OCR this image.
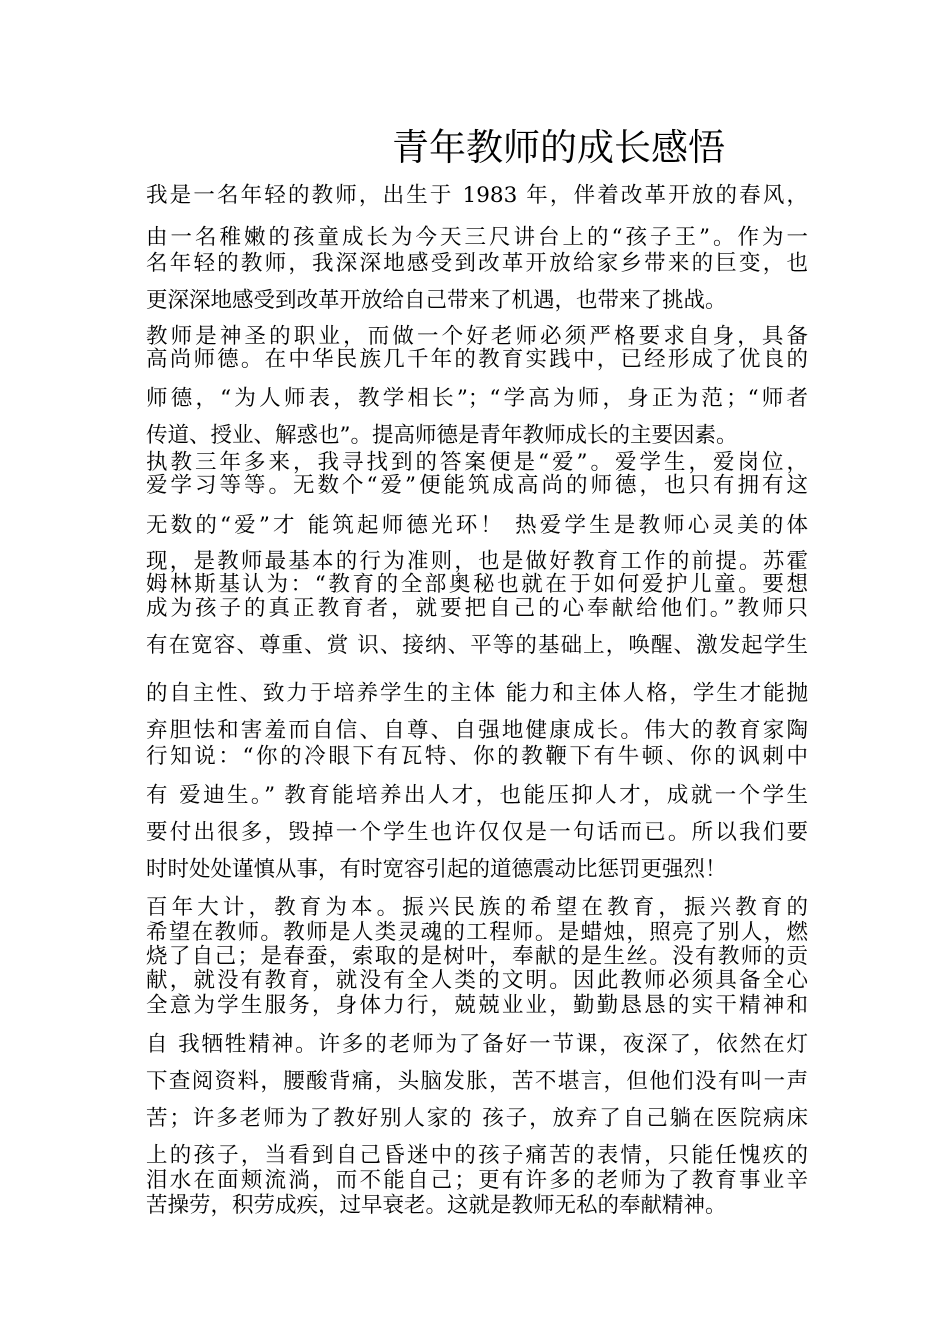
青年教师的成长感悟
我是一名年轻的教师，出生于 1983 年，伴着改革开放的春风，
由一名稚嫩的孩童成长为今天三尺讲台上的“孩子王”。作为一
名年轻的教师，我深深地感受到改革开放给家乡带来的巨变，也
更深深地感受到改革开放给自己带来了机遇，也带来了挑战。
教师是神圣的职业，而做一个好老师必须严格要求自身，具备
高尚师德。在中华民族几千年的教育实践中，已经形成了优良的
师德，“为人师表，教学相长”；“学高为师，身正为范；“师者
传道、授业、解惑也”。提高师德是青年教师成长的主要因素。
执教三年多来，我寻找到的答案便是“爱”。爱学生，爱岗位，
爱学习等等。无数个“爱”便能筑成高尚的师德，也只有拥有这
无数的“爱”才 能筑起师德光环！ 热爱学生是教师心灵美的体
现，是教师最基本的行为准则，也是做好教育工作的前提。苏霍
姆林斯基认为：“教育的全部奥秘也就在于如何爱护儿童。要想
成为孩子的真正教育者，就要把自己的心奉献给他们。”教师只
有在宽容、尊重、赏 识、接纳、平等的基础上，唤醒、激发起学生
的自主性、致力于培养学生的主体 能力和主体人格，学生才能抛
弃胆怯和害羞而自信、自尊、自强地健康成长。伟大的教育家陶
行知说：“你的冷眼下有瓦特、你的教鞭下有牛顿、你的讽刺中
有 爱迪生。” 教育能培养出人才，也能压抑人才，成就一个学生
要付出很多，毁掉一个学生也许仅仅是一句话而已。所以我们要
时时处处谨慎从事，有时宽容引起的道德震动比惩罚更强烈！
百年大计，教育为本。振兴民族的希望在教育，振兴教育的
希望在教师。教师是人类灵魂的工程师。是蜡烛，照亮了别人，燃
烧了自己；是春蚕，索取的是树叶，奉献的是生丝。没有教师的贡
献，就没有教育，就没有全人类的文明。因此教师必须具备全心
全意为学生服务，身体力行，兢兢业业，勤勤恳恳的实干精神和
自 我牺牲精神。许多的老师为了备好一节课，夜深了，依然在灯
下查阅资料，腰酸背痛，头脑发胀，苦不堪言，但他们没有叫一声
苦；许多老师为了教好别人家的 孩子，放弃了自己躺在医院病床
上的孩子，当看到自己昏迷中的孩子痛苦的表情，只能任愧疚的
泪水在面颊流淌，而不能自己；更有许多的老师为了教育事业辛
苦操劳，积劳成疾，过早衰老。这就是教师无私的奉献精神。
